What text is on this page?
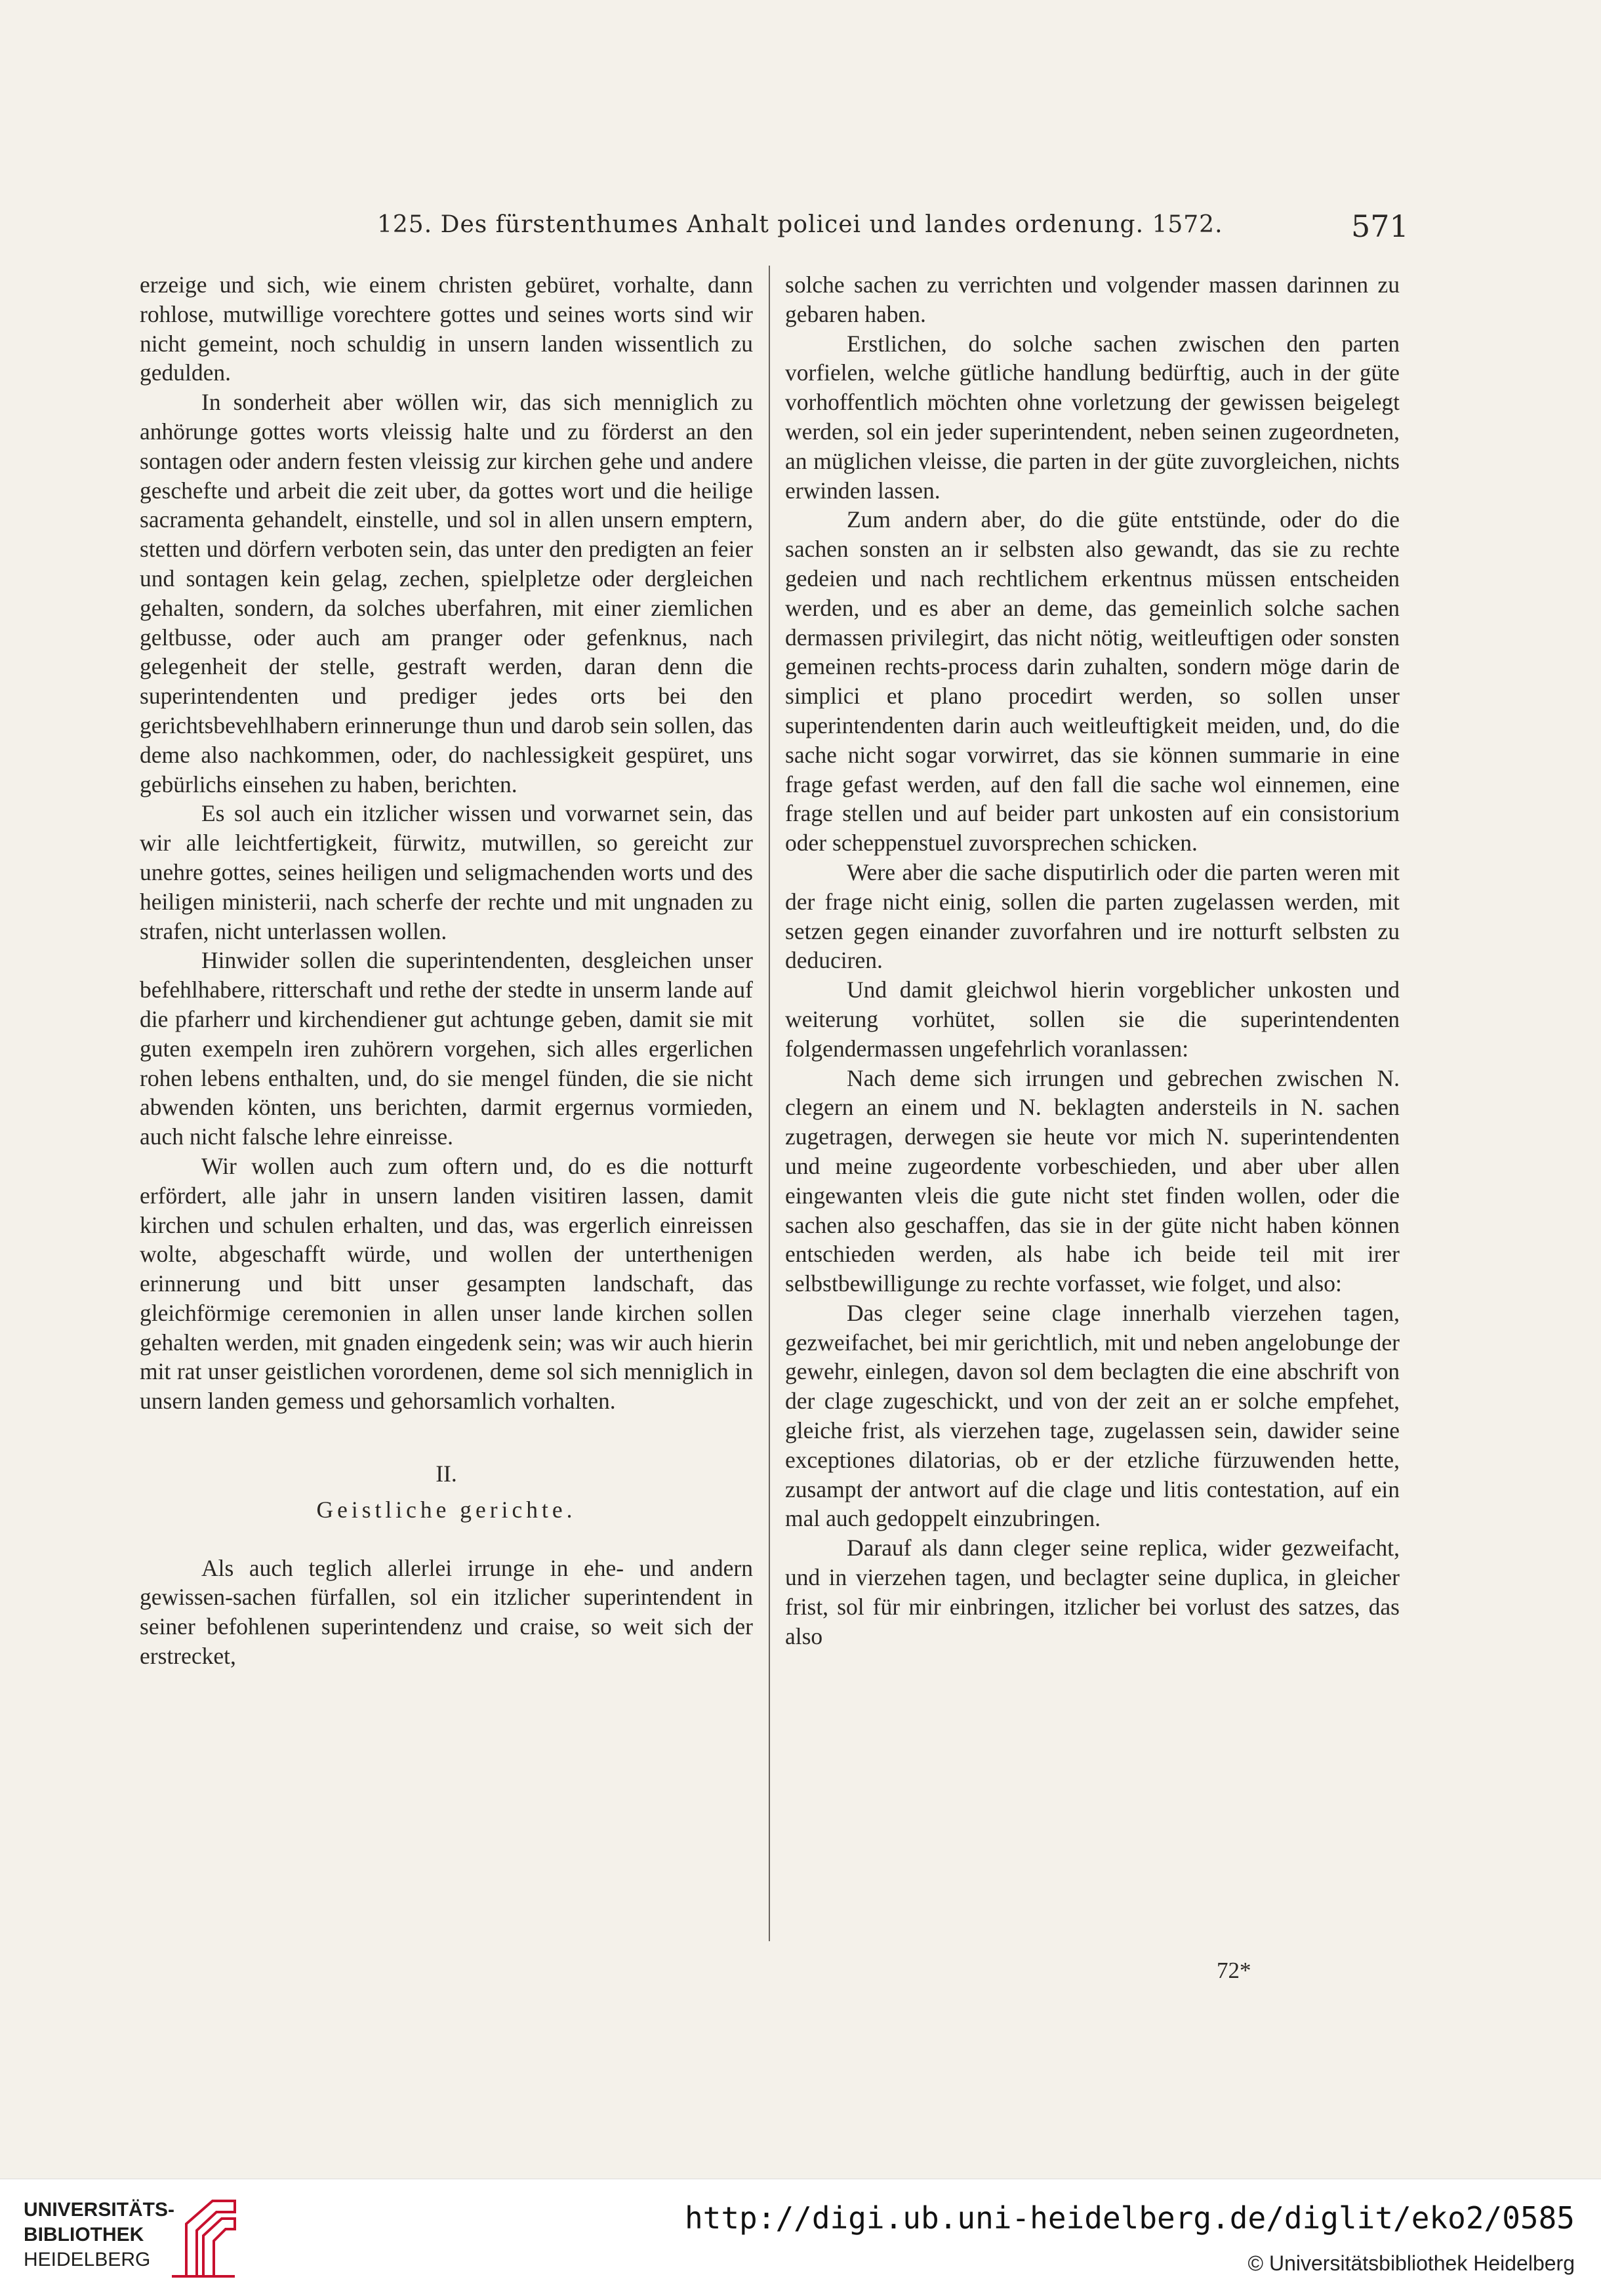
125. Des fürstenthumes Anhalt policei und landes ordenung. 1572.	571

erzeige und sich, wie einem christen gebüret, vorhalte, dann rohlose, mutwillige vorechtere gottes und seines worts sind wir nicht gemeint, noch schuldig in unsern landen wissentlich zu gedulden.

In sonderheit aber wöllen wir, das sich menniglich zu anhörunge gottes worts vleissig halte und zu förderst an den sontagen oder andern festen vleissig zur kirchen gehe und andere geschefte und arbeit die zeit uber, da gottes wort und die heilige sacramenta gehandelt, einstelle, und sol in allen unsern emptern, stetten und dörfern verboten sein, das unter den predigten an feier und sontagen kein gelag, zechen, spielpletze oder dergleichen gehalten, sondern, da solches uberfahren, mit einer ziemlichen geltbusse, oder auch am pranger oder gefenknus, nach gelegenheit der stelle, gestraft werden, daran denn die superintendenten und prediger jedes orts bei den gerichtsbevehlhabern erinnerunge thun und darob sein sollen, das deme also nachkommen, oder, do nachlessigkeit gespüret, uns gebürlichs einsehen zu haben, berichten.

Es sol auch ein itzlicher wissen und vorwarnet sein, das wir alle leichtfertigkeit, fürwitz, mutwillen, so gereicht zur unehre gottes, seines heiligen und seligmachenden worts und des heiligen ministerii, nach scherfe der rechte und mit ungnaden zu strafen, nicht unterlassen wollen.

Hinwider sollen die superintendenten, desgleichen unser befehlhabere, ritterschaft und rethe der stedte in unserm lande auf die pfarherr und kirchendiener gut achtunge geben, damit sie mit guten exempeln iren zuhörern vorgehen, sich alles ergerlichen rohen lebens enthalten, und, do sie mengel fünden, die sie nicht abwenden könten, uns berichten, darmit ergernus vormieden, auch nicht falsche lehre einreisse.

Wir wollen auch zum oftern und, do es die notturft erfördert, alle jahr in unsern landen visitiren lassen, damit kirchen und schulen erhalten, und das, was ergerlich einreissen wolte, abgeschafft würde, und wollen der unterthenigen erinnerung und bitt unser gesampten landschaft, das gleichförmige ceremonien in allen unser lande kirchen sollen gehalten werden, mit gnaden eingedenk sein; was wir auch hierin mit rat unser geistlichen vorordenen, deme sol sich menniglich in unsern landen gemess und gehorsamlich vorhalten.

II.

Geistliche gerichte.

Als auch teglich allerlei irrunge in ehe- und andern gewissen-sachen fürfallen, sol ein itzlicher superintendent in seiner befohlenen superintendenz und craise, so weit sich der erstrecket,

solche sachen zu verrichten und volgender massen darinnen zu gebaren haben.

Erstlichen, do solche sachen zwischen den parten vorfielen, welche gütliche handlung bedürftig, auch in der güte vorhoffentlich möchten ohne vorletzung der gewissen beigelegt werden, sol ein jeder superintendent, neben seinen zugeordneten, an müglichen vleisse, die parten in der güte zuvorgleichen, nichts erwinden lassen.

Zum andern aber, do die güte entstünde, oder do die sachen sonsten an ir selbsten also gewandt, das sie zu rechte gedeien und nach rechtlichem erkentnus müssen entscheiden werden, und es aber an deme, das gemeinlich solche sachen dermassen privilegirt, das nicht nötig, weitleuftigen oder sonsten gemeinen rechts-process darin zuhalten, sondern möge darin de simplici et plano procedirt werden, so sollen unser superintendenten darin auch weitleuftigkeit meiden, und, do die sache nicht sogar vorwirret, das sie können summarie in eine frage gefast werden, auf den fall die sache wol einnemen, eine frage stellen und auf beider part unkosten auf ein consistorium oder scheppenstuel zuvorsprechen schicken.

Were aber die sache disputirlich oder die parten weren mit der frage nicht einig, sollen die parten zugelassen werden, mit setzen gegen einander zuvorfahren und ire notturft selbsten zu deduciren.

Und damit gleichwol hierin vorgeblicher unkosten und weiterung vorhütet, sollen sie die superintendenten folgendermassen ungefehrlich voranlassen:

Nach deme sich irrungen und gebrechen zwischen N. clegern an einem und N. beklagten andersteils in N. sachen zugetragen, derwegen sie heute vor mich N. superintendenten und meine zugeordente vorbeschieden, und aber uber allen eingewanten vleis die gute nicht stet finden wollen, oder die sachen also geschaffen, das sie in der güte nicht haben können entschieden werden, als habe ich beide teil mit irer selbstbewilligunge zu rechte vorfasset, wie folget, und also:

Das cleger seine clage innerhalb vierzehen tagen, gezweifachet, bei mir gerichtlich, mit und neben angelobunge der gewehr, einlegen, davon sol dem beclagten die eine abschrift von der clage zugeschickt, und von der zeit an er solche empfehet, gleiche frist, als vierzehen tage, zugelassen sein, dawider seine exceptiones dilatorias, ob er der etzliche fürzuwenden hette, zusampt der antwort auf die clage und litis contestation, auf ein mal auch gedoppelt einzubringen.

Darauf als dann cleger seine replica, wider gezweifacht, und in vierzehen tagen, und beclagter seine duplica, in gleicher frist, sol für mir einbringen, itzlicher bei vorlust des satzes, das also

72*
UNIVERSITÄTS-
BIBLIOTHEK
HEIDELBERG
http://digi.ub.uni-heidelberg.de/diglit/eko2/0585
© Universitätsbibliothek Heidelberg
